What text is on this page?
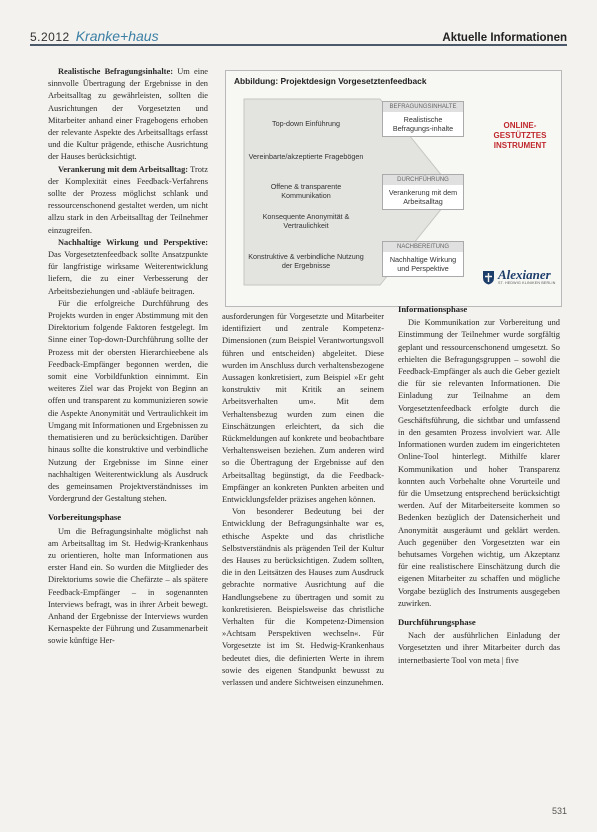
5.2012 Kranke+haus	Aktuelle Informationen
Abbildung: Projektdesign Vorgesetztenfeedback
Top-down Einführung
Vereinbarte/akzeptierte Fragebögen
Offene & transparente Kommunikation
Konsequente Anonymität & Vertraulichkeit
Konstruktive & verbindliche Nutzung der Ergebnisse
BEFRAGUNGSINHALTE
Realistische Befragungs-inhalte
DURCHFÜHRUNG
Verankerung mit dem Arbeitsalltag
NACHBEREITUNG
Nachhaltige Wirkung und Perspektive
ONLINE-GESTÜTZTES INSTRUMENT
Alexianer
ST. HEDWIG KLINIKEN BERLIN

Realistische Befragungsinhalte: Um eine sinnvolle Übertragung der Ergebnisse in den Arbeitsalltag zu gewährleisten, sollten die Ausrichtungen der Vorgesetzten und Mitarbeiter anhand einer Fragebogens erhoben der relevante Aspekte des Arbeitsalltags erfasst und die Kultur prägende, ethische Ausrichtung der Hauses berücksichtigt.

Verankerung mit dem Arbeitsalltag: Trotz der Komplexität eines Feedback-Verfahrens sollte der Prozess möglichst schlank und ressourcenschonend gestaltet werden, um nicht allzu stark in den Arbeitsalltag der Teilnehmer einzugreifen.

Nachhaltige Wirkung und Perspektive: Das Vorgesetztenfeedback sollte Ansatzpunkte für langfristige wirksame Weiterentwicklung liefern, die zu einer Verbesserung der Arbeitsbeziehungen und -abläufe beitragen.

Für die erfolgreiche Durchführung des Projekts wurden in enger Abstimmung mit den Direktorium folgende Faktoren festgelegt. Im Sinne einer Top-down-Durchführung sollte der Prozess mit der obersten Hierarchieebene als Feedback-Empfänger begonnen werden, die somit eine Vorbildfunktion einnimmt. Ein weiteres Ziel war das Projekt von Beginn an offen und transparent zu kommunizieren sowie die Aspekte Anonymität und Vertraulichkeit im Umgang mit Informationen und Ergebnissen zu thematisieren und zu berücksichtigen. Darüber hinaus sollte die konstruktive und verbindliche Nutzung der Ergebnisse im Sinne einer nachhaltigen Weiterentwicklung als Ausdruck des gemeinsamen Projektverständnisses im Vordergrund der Gestaltung stehen.

Vorbereitungsphase

Um die Befragungsinhalte möglichst nah am Arbeitsalltag im St. Hedwig-Krankenhaus zu orientieren, holte man Informationen aus erster Hand ein. So wurden die Mitglieder des Direktoriums sowie die Chefärzte – als spätere Feedback-Empfänger – in sogenannten Interviews befragt, was in ihrer Arbeit bewegt. Anhand der Ergebnisse der Interviews wurden Kernaspekte der Führung und Zusammenarbeit sowie künftige Her-

ausforderungen für Vorgesetzte und Mitarbeiter identifiziert und zentrale Kompetenz-Dimensionen (zum Beispiel Verantwortungsvoll führen und entscheiden) abgeleitet. Diese wurden im Anschluss durch verhaltensbezogene Aussagen konkretisiert, zum Beispiel »Er geht konstruktiv mit Kritik an seinem Arbeitsverhalten um«. Mit dem Verhaltensbezug wurden zum einen die Einschätzungen erleichtert, da sich die Rückmeldungen auf konkrete und beobachtbare Verhaltensweisen beziehen. Zum anderen wird so die Übertragung der Ergebnisse auf den Arbeitsalltag begünstigt, da die Feedback-Empfänger an konkreten Punkten arbeiten und Entwicklungsfelder präzises angehen können.

Von besonderer Bedeutung bei der Entwicklung der Befragungsinhalte war es, ethische Aspekte und das christliche Selbstverständnis als prägenden Teil der Kultur des Hauses zu berücksichtigen. Zudem sollten, die in den Leitsätzen des Hauses zum Ausdruck gebrachte normative Ausrichtung auf die Handlungsebene zu übertragen und somit zu konkretisieren. Beispielsweise das christliche Verhalten für die Kompetenz-Dimension »Achtsam Perspektiven wechseln«. Für Vorgesetzte ist im St. Hedwig-Krankenhaus bedeutet dies, die definierten Werte in ihrem sowie des eigenen Standpunkt bewusst zu verlassen und andere Sichtweisen einzunehmen.

Informationsphase

Die Kommunikation zur Vorbereitung und Einstimmung der Teilnehmer wurde sorgfältig geplant und ressourcenschonend umgesetzt. So erhielten die Befragungsgruppen – sowohl die Feedback-Empfänger als auch die Geber gezielt die für sie relevanten Informationen. Die Einladung zur Teilnahme an dem Vorgesetztenfeedback erfolgte durch die Geschäftsführung, die sichtbar und umfassend in den gesamten Prozess involviert war. Alle Informationen wurden zudem im eingerichteten Online-Tool hinterlegt. Mithilfe klarer Kommunikation und hoher Transparenz konnten auch Vorbehalte ohne Vorurteile und für die Umsetzung entsprechend berücksichtigt werden. Auf der Mitarbeiterseite kommen so Bedenken bezüglich der Datensicherheit und Anonymität ausgeräumt und geklärt werden. Auch gegenüber den Vorgesetzten war ein behutsames Vorgehen wichtig, um Akzeptanz für eine realistischere Einschätzung durch die eigenen Mitarbeiter zu schaffen und mögliche Vorgabe bezüglich des Instruments ausgegeben zuwirken.

Durchführungsphase

Nach der ausführlichen Einladung der Vorgesetzten und ihrer Mitarbeiter durch das internetbasierte Tool von meta | five

531
